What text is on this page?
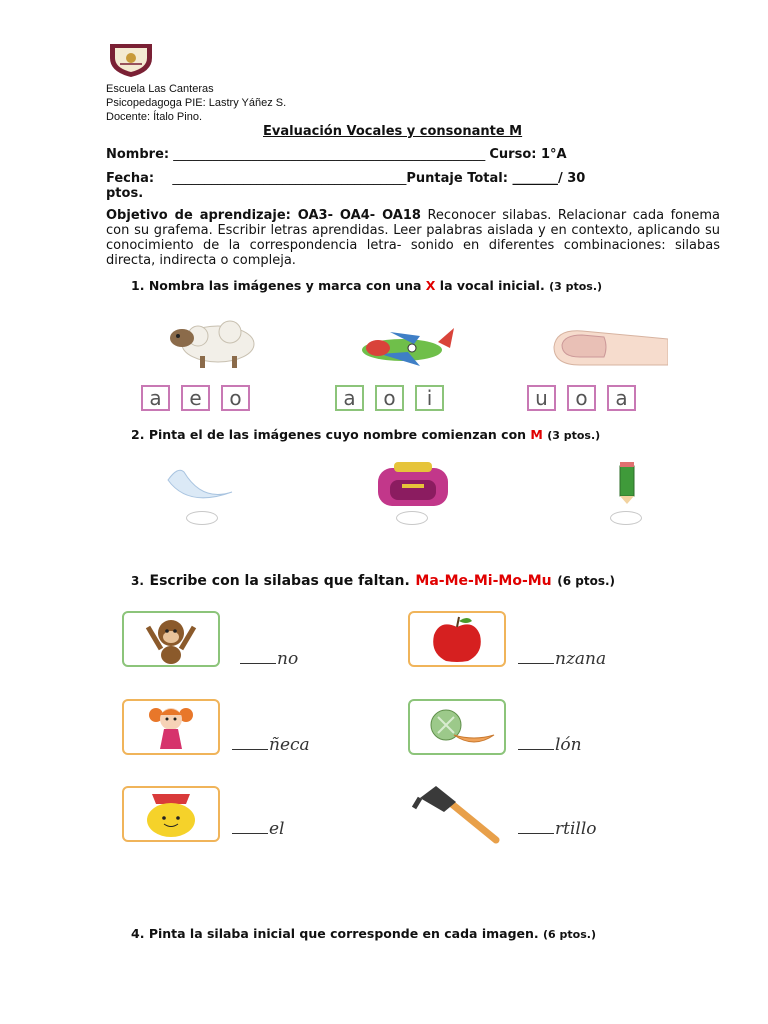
Escuela Las Canteras
Psicopedagoga PIE: Lastry Yáñez S.
Docente: Ítalo Pino.
Evaluación Vocales y consonante M
Nombre: ________________________________________________ Curso: 1°A
Fecha: ____________________________________Puntaje Total: _______/ 30
ptos.
Objetivo de aprendizaje: OA3- OA4- OA18 Reconocer silabas. Relacionar cada fonema con su grafema. Escribir letras aprendidas. Leer palabras aislada y en contexto, aplicando su conocimiento de la correspondencia letra- sonido en diferentes combinaciones: silabas directa, indirecta o compleja.
1. Nombra las imágenes y marca con una X la vocal inicial. (3 ptos.)
a	e	o	a	o	i	u	o	a
2. Pinta el de las imágenes cuyo nombre comienzan con M (3 ptos.)
3. Escribe con la silabas que faltan. Ma-Me-Mi-Mo-Mu (6 ptos.)
no	nzana
ñeca	lón
el	rtillo
4. Pinta la silaba inicial que corresponde en cada imagen. (6 ptos.)
